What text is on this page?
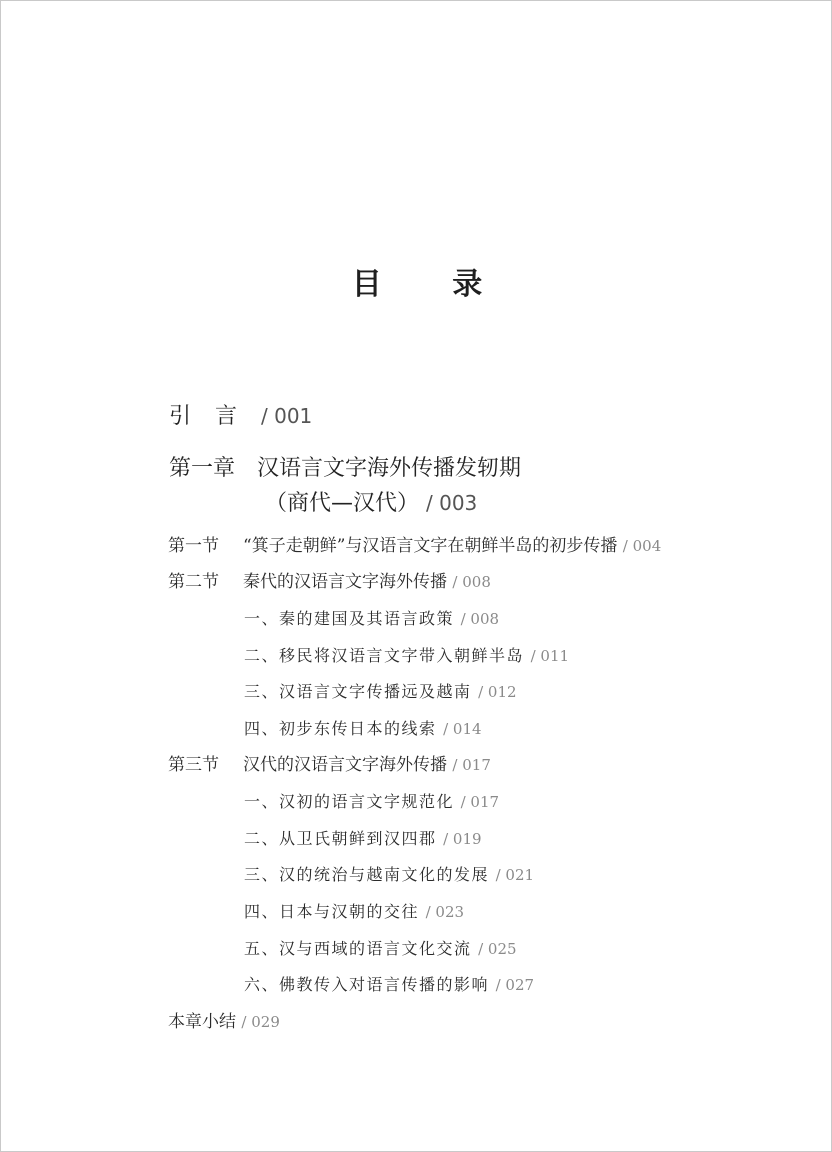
目 录
引言/ 001
第一章 汉语言文字海外传播发轫期
（商代—汉代） / 003
第一节 “箕子走朝鲜”与汉语言文字在朝鲜半岛的初步传播 / 004
第二节 秦代的汉语言文字海外传播 / 008
一、秦的建国及其语言政策 / 008
二、移民将汉语言文字带入朝鲜半岛 / 011
三、汉语言文字传播远及越南 / 012
四、初步东传日本的线索 / 014
第三节 汉代的汉语言文字海外传播 / 017
一、汉初的语言文字规范化 / 017
二、从卫氏朝鲜到汉四郡 / 019
三、汉的统治与越南文化的发展 / 021
四、日本与汉朝的交往 / 023
五、汉与西域的语言文化交流 / 025
六、佛教传入对语言传播的影响 / 027
本章小结 / 029
